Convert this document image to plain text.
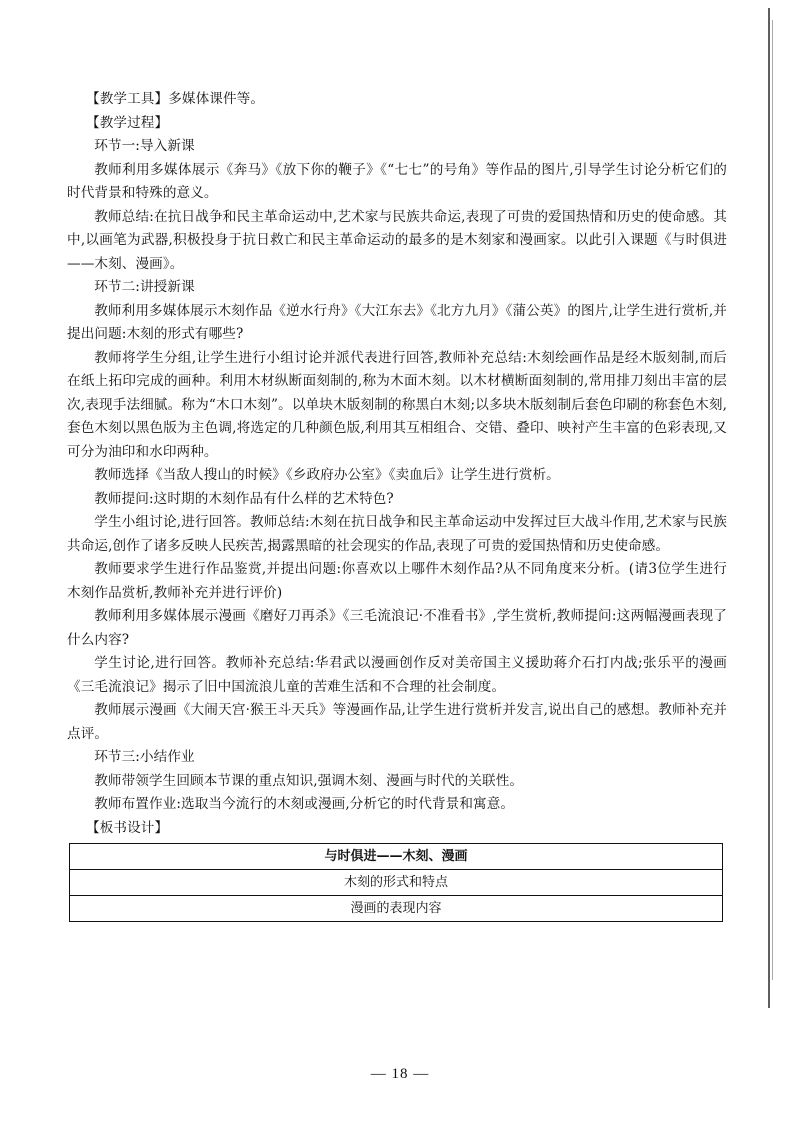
【教学工具】多媒体课件等。

【教学过程】

环节一:导入新课

教师利用多媒体展示《奔马》《放下你的鞭子》《“七七”的号角》等作品的图片,引导学生讨论分析它们的时代背景和特殊的意义。

教师总结:在抗日战争和民主革命运动中,艺术家与民族共命运,表现了可贵的爱国热情和历史的使命感。其中,以画笔为武器,积极投身于抗日救亡和民主革命运动的最多的是木刻家和漫画家。以此引入课题《与时俱进——木刻、漫画》。

环节二:讲授新课

教师利用多媒体展示木刻作品《逆水行舟》《大江东去》《北方九月》《蒲公英》的图片,让学生进行赏析,并提出问题:木刻的形式有哪些?

教师将学生分组,让学生进行小组讨论并派代表进行回答,教师补充总结:木刻绘画作品是经木版刻制,而后在纸上拓印完成的画种。利用木材纵断面刻制的,称为木面木刻。以木材横断面刻制的,常用排刀刻出丰富的层次,表现手法细腻。称为“木口木刻”。以单块木版刻制的称黑白木刻;以多块木版刻制后套色印刷的称套色木刻,套色木刻以黑色版为主色调,将选定的几种颜色版,利用其互相组合、交错、叠印、映衬产生丰富的色彩表现,又可分为油印和水印两种。

教师选择《当敌人搜山的时候》《乡政府办公室》《卖血后》让学生进行赏析。

教师提问:这时期的木刻作品有什么样的艺术特色?

学生小组讨论,进行回答。教师总结:木刻在抗日战争和民主革命运动中发挥过巨大战斗作用,艺术家与民族共命运,创作了诸多反映人民疾苦,揭露黑暗的社会现实的作品,表现了可贵的爱国热情和历史使命感。

教师要求学生进行作品鉴赏,并提出问题:你喜欢以上哪件木刻作品?从不同角度来分析。(请3位学生进行木刻作品赏析,教师补充并进行评价)

教师利用多媒体展示漫画《磨好刀再杀》《三毛流浪记·不准看书》,学生赏析,教师提问:这两幅漫画表现了什么内容?

学生讨论,进行回答。教师补充总结:华君武以漫画创作反对美帝国主义援助蒋介石打内战;张乐平的漫画《三毛流浪记》揭示了旧中国流浪儿童的苦难生活和不合理的社会制度。

教师展示漫画《大闹天宫·猴王斗天兵》等漫画作品,让学生进行赏析并发言,说出自己的感想。教师补充并点评。

环节三:小结作业

教师带领学生回顾本节课的重点知识,强调木刻、漫画与时代的关联性。

教师布置作业:选取当今流行的木刻或漫画,分析它的时代背景和寓意。

【板书设计】

与时俱进——木刻、漫画
木刻的形式和特点
漫画的表现内容
— 18 —
